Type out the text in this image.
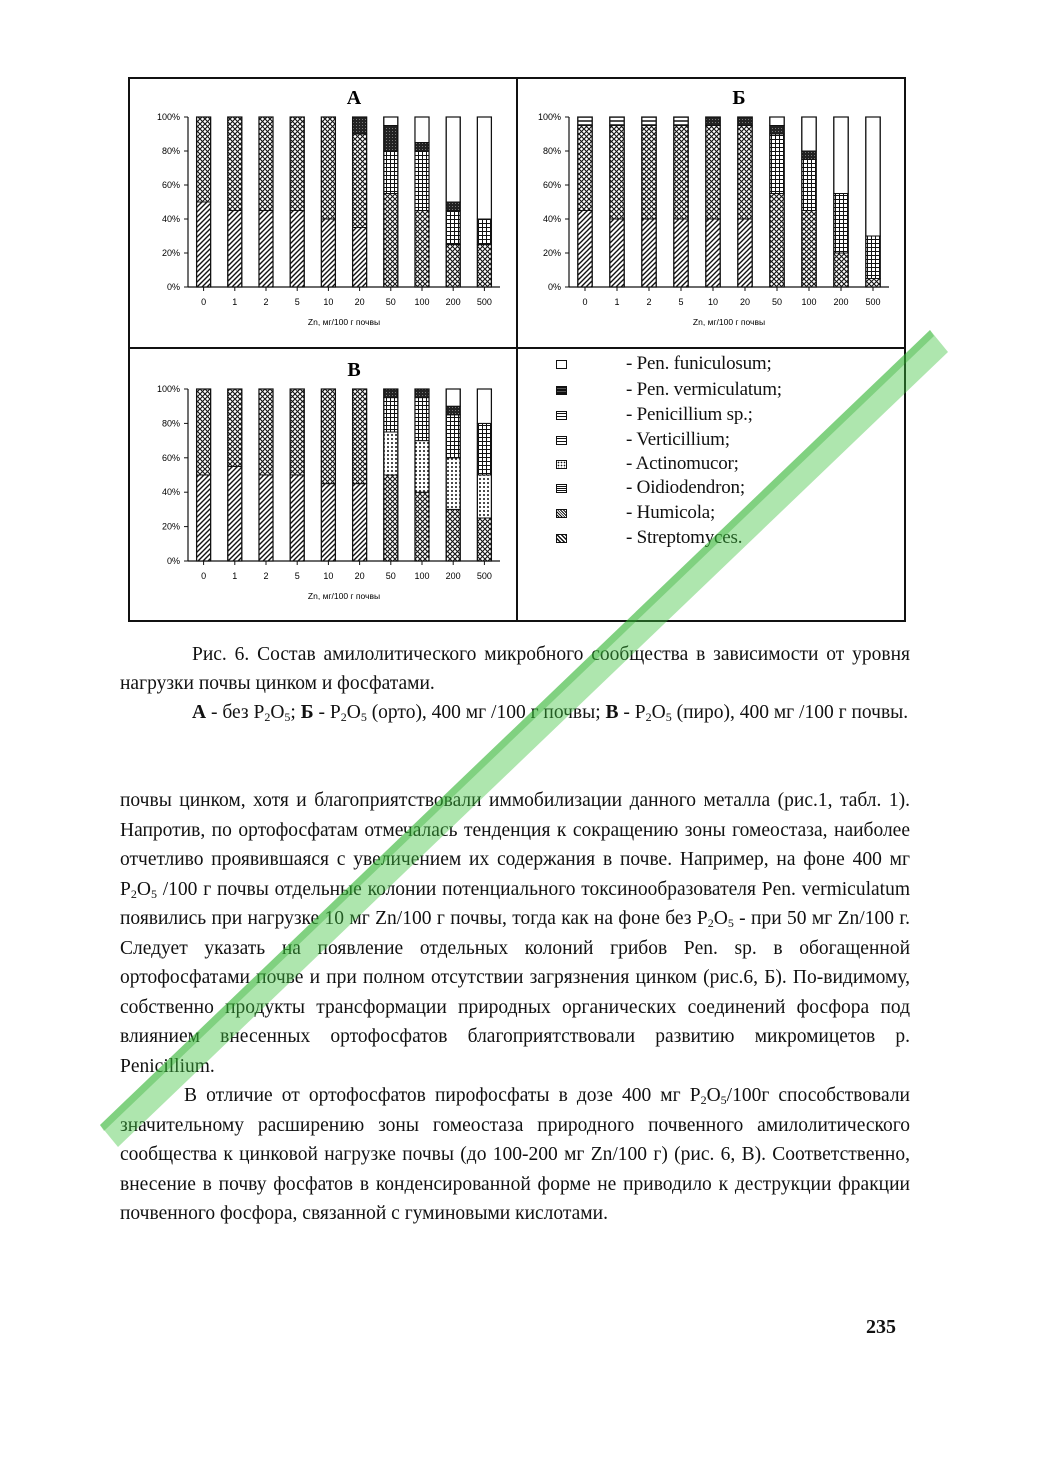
A
0%
20%
40%
60%
80%
100%
0	1	2	5	10 20 50 100 200 500
Zn, мг/100 г почвы
Б
0%
20%
40%
60%
80%
100%
0	1	2	5	10 20 50 100 200 500
Zn, мг/100 г почвы
В
0%
20%
40%
60%
80%
100%
0	1	2	5	10 20 50 100 200 500
Zn, мг/100 г почвы
- Pen. funiculosum;
- Pen. vermiculatum;
- Penicillium sp.;
- Verticillium;
- Actinomucor;
- Oidiodendron;
- Humicola;
- Streptomyces.
Рис. 6. Состав амилолитического микробного сообщества в зависимости от уровня нагрузки почвы цинком и фосфатами.
А - без $P_2O_5$; Б - $P_2O_5$ (орто), 400 мг /100 г почвы; В - $P_2O_5$ (пиро), 400 мг /100 г почвы.

почвы цинком, хотя и благоприятствовали иммобилизации данного металла (рис.1, табл. 1). Напротив, по ортофосфатам отмечалась тенденция к сокращению зоны гомеостаза, наиболее отчетливо проявившаяся с увеличением их содержания в почве. Например, на фоне 400 мг $P_2O_5$ /100 г почвы отдельные колонии потенциального токсинообразователя Pen. vermiculatum появились при нагрузке 10 мг Zn/100 г почвы, тогда как на фоне без $P_2O_5$ - при 50 мг Zn/100 г. Следует указать на появление отдельных колоний грибов Pen. sp. в обогащенной ортофосфатами почве и при полном отсутствии загрязнения цинком (рис.6, Б). По-видимому, собственно продукты трансформации природных органических соединений фосфора под влиянием внесенных ортофосфатов благоприятствовали развитию микромицетов р. Penicillium.

В отличие от ортофосфатов пирофосфаты в дозе 400 мг $P_2O_5/100г$ способствовали значительному расширению зоны гомеостаза природного почвенного амилолитического сообщества к цинковой нагрузке почвы (до 100-200 мг Zn/100 г) (рис. 6, В). Соответственно, внесение в почву фосфатов в конденсированной форме не приводило к деструкции фракции почвенного фосфора, связанной с гуминовыми кислотами.

235
